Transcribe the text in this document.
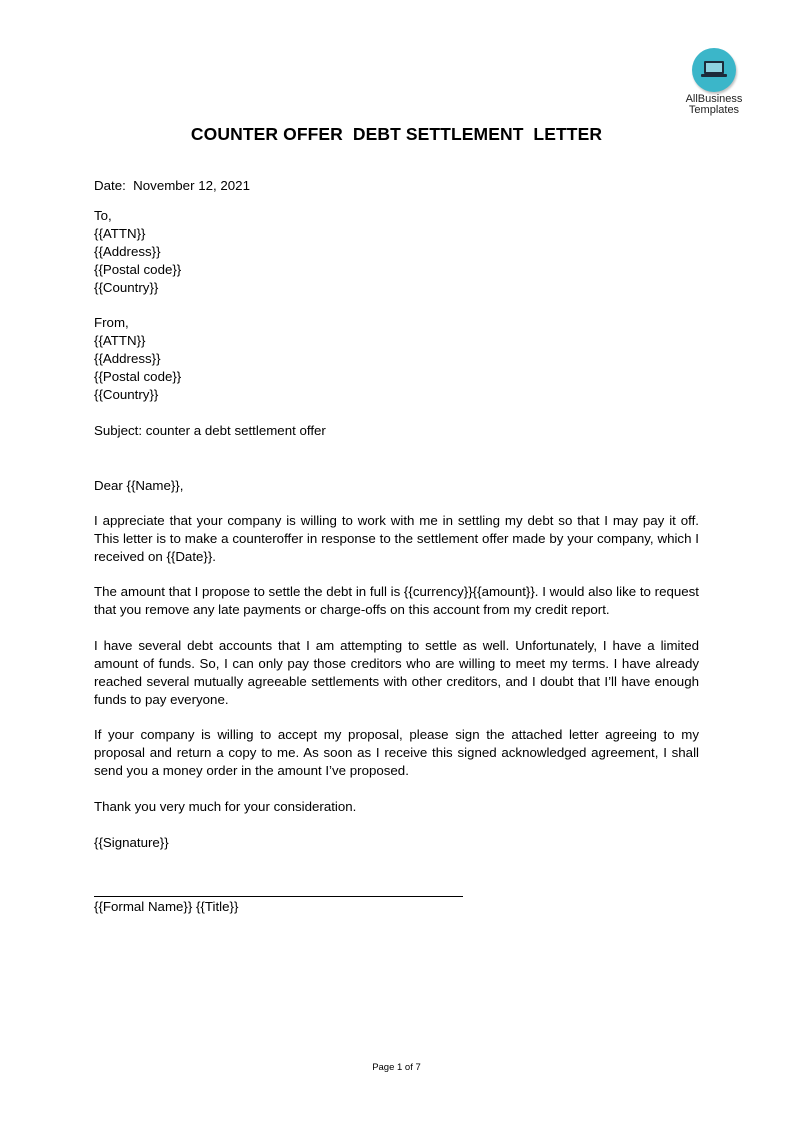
AllBusiness
Templates
COUNTER OFFER  DEBT SETTLEMENT  LETTER
Date:  November 12, 2021
To,
{{ATTN}}
{{Address}}
{{Postal code}}
{{Country}}
From,
{{ATTN}}
{{Address}}
{{Postal code}}
{{Country}}
Subject: counter a debt settlement offer
Dear {{Name}},
I appreciate that your company is willing to work with me in settling my debt so that I may pay it off. This letter is to make a counteroffer in response to the settlement offer made by your company, which I received on {{Date}}.
The amount that I propose to settle the debt in full is {{currency}}{{amount}}. I would also like to request that you remove any late payments or charge-offs on this account from my credit report.
I have several debt accounts that I am attempting to settle as well. Unfortunately, I have a limited amount of funds. So, I can only pay those creditors who are willing to meet my terms. I have already reached several mutually agreeable settlements with other creditors, and I doubt that I’ll have enough funds to pay everyone.
If your company is willing to accept my proposal, please sign the attached letter agreeing to my proposal and return a copy to me. As soon as I receive this signed acknowledged agreement, I shall send you a money order in the amount I’ve proposed.
Thank you very much for your consideration.
{{Signature}}
{{Formal Name}} {{Title}}
Page 1 of 7
